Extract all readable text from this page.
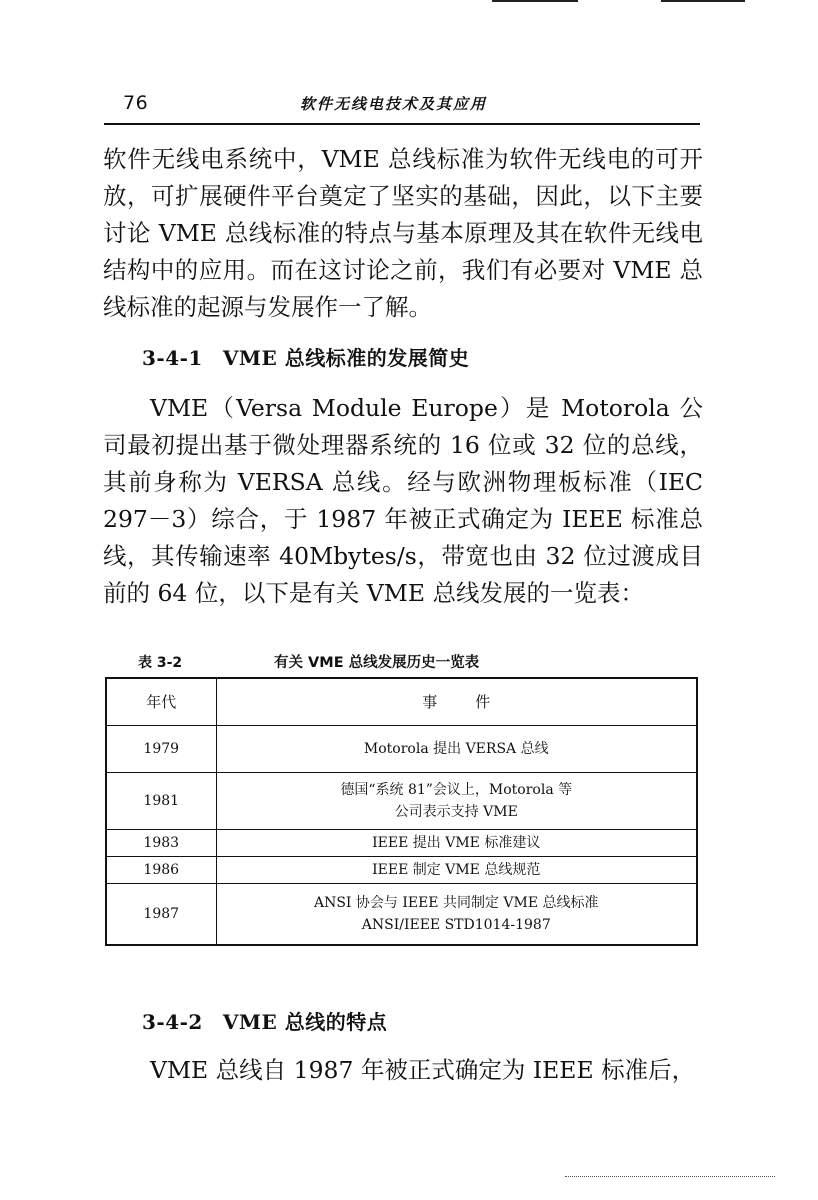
76	软件无线电技术及其应用

软件无线电系统中，VME 总线标准为软件无线电的可开放，可扩展硬件平台奠定了坚实的基础，因此，以下主要讨论 VME 总线标准的特点与基本原理及其在软件无线电结构中的应用。而在这讨论之前，我们有必要对 VME 总线标准的起源与发展作一了解。

3-4-1 VME 总线标准的发展简史

VME（Versa Module Europe）是 Motorola 公司最初提出基于微处理器系统的 16 位或 32 位的总线，其前身称为 VERSA 总线。经与欧洲物理板标准（IEC 297－3）综合，于 1987 年被正式确定为 IEEE 标准总线，其传输速率 40Mbytes/s，带宽也由 32 位过渡成目前的 64 位，以下是有关 VME 总线发展的一览表：

表 3-2	有关 VME 总线发展历史一览表
年代	事件
1979	Motorola 提出 VERSA 总线

1981	德国“系统 81”会议上，Motorola 等
公司表示支持 VME

1983	IEEE 提出 VME 标准建议

1986	IEEE 制定 VME 总线规范

1987	ANSI 协会与 IEEE 共同制定 VME 总线标准
ANSI/IEEE STD1014-1987
3-4-2 VME 总线的特点

VME 总线自 1987 年被正式确定为 IEEE 标准后，
